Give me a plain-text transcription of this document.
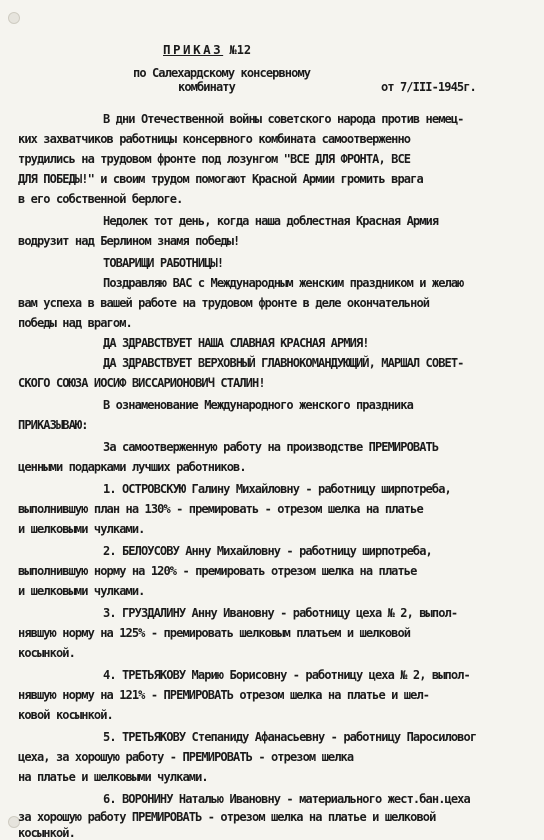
ПРИКАЗ №12
по Салехардскому консервному
комбинату	от 7/III-1945г.
В дни Отечественной войны советского народа против немец-
ких захватчиков работницы консервного комбината самоотверженно
трудились на трудовом фронте под лозунгом "ВСЕ ДЛЯ ФРОНТА, ВСЕ
ДЛЯ ПОБЕДЫ!" и своим трудом помогают Красной Армии громить врага
в его собственной берлоге.
Недолек тот день, когда наша доблестная Красная Армия
водрузит над Берлином знамя победы!
ТОВАРИЩИ РАБОТНИЦЫ!
Поздравляю ВАС с Международным женским праздником и желаю
вам успеха в вашей работе на трудовом фронте в деле окончательной
победы над врагом.
ДА ЗДРАВСТВУЕТ НАША СЛАВНАЯ КРАСНАЯ АРМИЯ!
ДА ЗДРАВСТВУЕТ ВЕРХОВНЫЙ ГЛАВНОКОМАНДУЮЩИЙ, МАРШАЛ СОВЕТ-
СКОГО СОЮЗА ИОСИФ ВИССАРИОНОВИЧ СТАЛИН!
В ознаменование Международного женского праздника
ПРИКАЗЫВАЮ:
За самоотверженную работу на производстве ПРЕМИРОВАТЬ
ценными подарками лучших работников.
1. ОСТРОВСКУЮ Галину Михайловну - работницу ширпотреба,
выполнившую план на 130% - премировать - отрезом шелка на платье
и шелковыми чулками.
2. БЕЛОУСОВУ Анну Михайловну - работницу ширпотреба,
выполнившую норму на 120% - премировать отрезом шелка на платье
и шелковыми чулками.
3. ГРУЗДАЛИНУ Анну Ивановну - работницу цеха № 2, выпол-
нявшую норму на 125% - премировать шелковым платьем и шелковой
косынкой.
4. ТРЕТЬЯКОВУ Марию Борисовну - работницу цеха № 2, выпол-
нявшую норму на 121% - ПРЕМИРОВАТЬ отрезом шелка на платье и шел-
ковой косынкой.
5. ТРЕТЬЯКОВУ Степаниду Афанасьевну - работницу Паросиловог
цеха, за хорошую работу - ПРЕМИРОВАТЬ - отрезом шелка
на платье и шелковыми чулками.
6. ВОРОНИНУ Наталью Ивановну - материального жест.бан.цеха
за хорошую работу ПРЕМИРОВАТЬ - отрезом шелка на платье и шелковой
косынкой.
